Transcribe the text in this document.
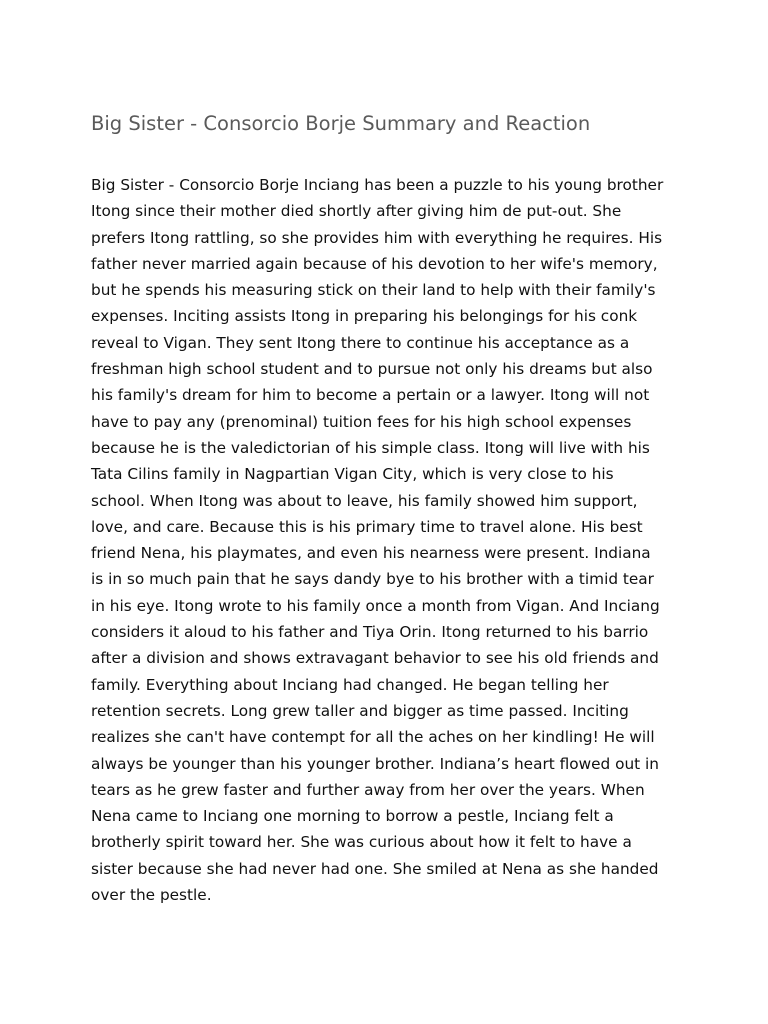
Big Sister - Consorcio Borje Summary and Reaction
Big Sister - Consorcio Borje Inciang has been a puzzle to his young brother
Itong since their mother died shortly after giving him de put-out. She
prefers Itong rattling, so she provides him with everything he requires. His
father never married again because of his devotion to her wife's memory,
but he spends his measuring stick on their land to help with their family's
expenses. Inciting assists Itong in preparing his belongings for his conk
reveal to Vigan. They sent Itong there to continue his acceptance as a
freshman high school student and to pursue not only his dreams but also
his family's dream for him to become a pertain or a lawyer. Itong will not
have to pay any (prenominal) tuition fees for his high school expenses
because he is the valedictorian of his simple class. Itong will live with his
Tata Cilins family in Nagpartian Vigan City, which is very close to his
school. When Itong was about to leave, his family showed him support,
love, and care. Because this is his primary time to travel alone. His best
friend Nena, his playmates, and even his nearness were present. Indiana
is in so much pain that he says dandy bye to his brother with a timid tear
in his eye. Itong wrote to his family once a month from Vigan. And Inciang
considers it aloud to his father and Tiya Orin. Itong returned to his barrio
after a division and shows extravagant behavior to see his old friends and
family. Everything about Inciang had changed. He began telling her
retention secrets. Long grew taller and bigger as time passed. Inciting
realizes she can't have contempt for all the aches on her kindling! He will
always be younger than his younger brother. Indiana’s heart flowed out in
tears as he grew faster and further away from her over the years. When
Nena came to Inciang one morning to borrow a pestle, Inciang felt a
brotherly spirit toward her. She was curious about how it felt to have a
sister because she had never had one. She smiled at Nena as she handed
over the pestle.
